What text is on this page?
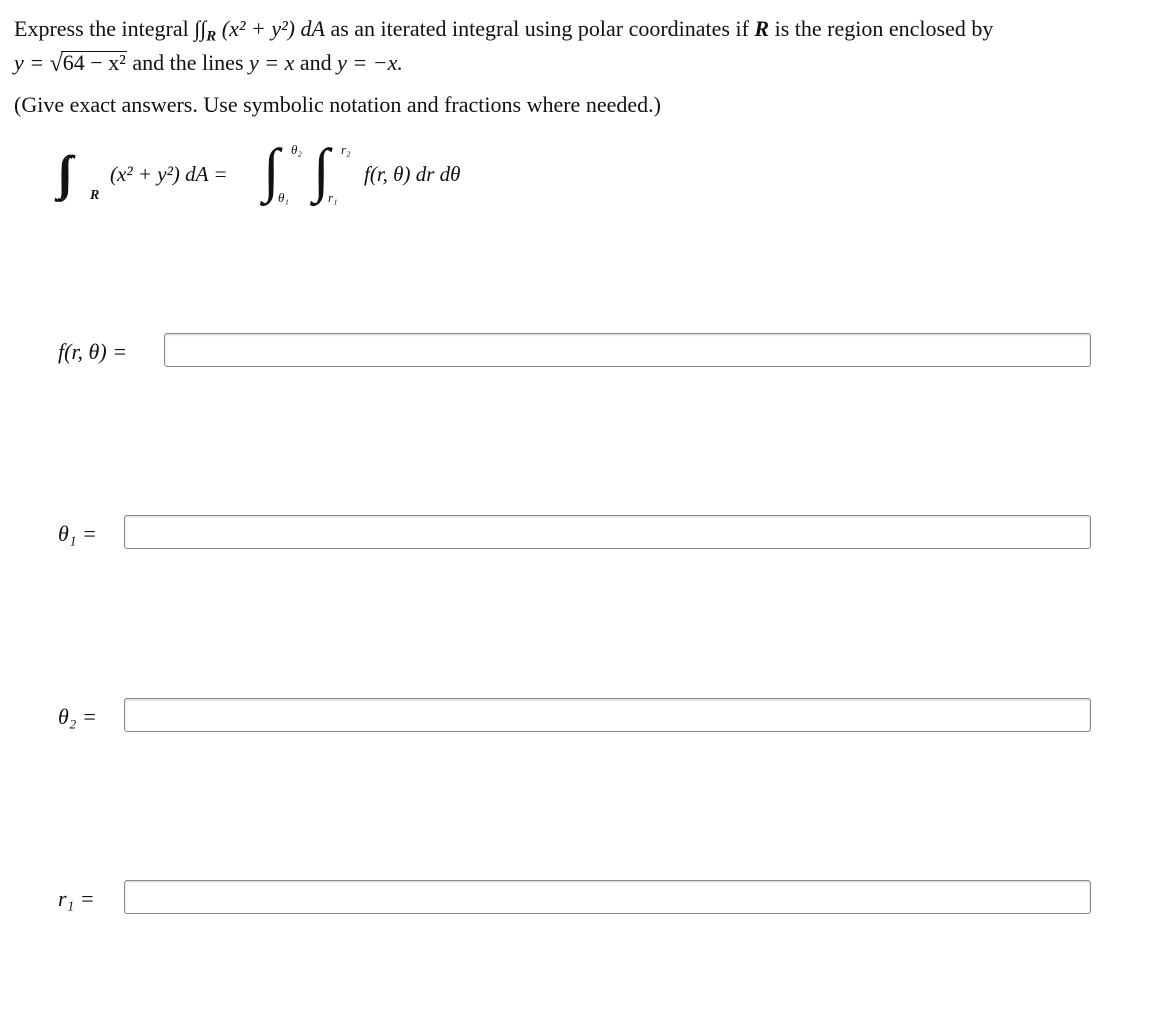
Express the integral $\int\int_R$ (x² + y²) dA as an iterated integral using polar coordinates if R is the region enclosed by
y = √64 − x² and the lines y = x and y = −x.
(Give exact answers. Use symbolic notation and fractions where needed.)
R
(x² + y²) dA = ∫ θ₂
θ₁ ∫ r₂
r₁
f(r, θ) dr dθ
f(r, θ) =
θ₁ =
θ₂ =
r₁ =
